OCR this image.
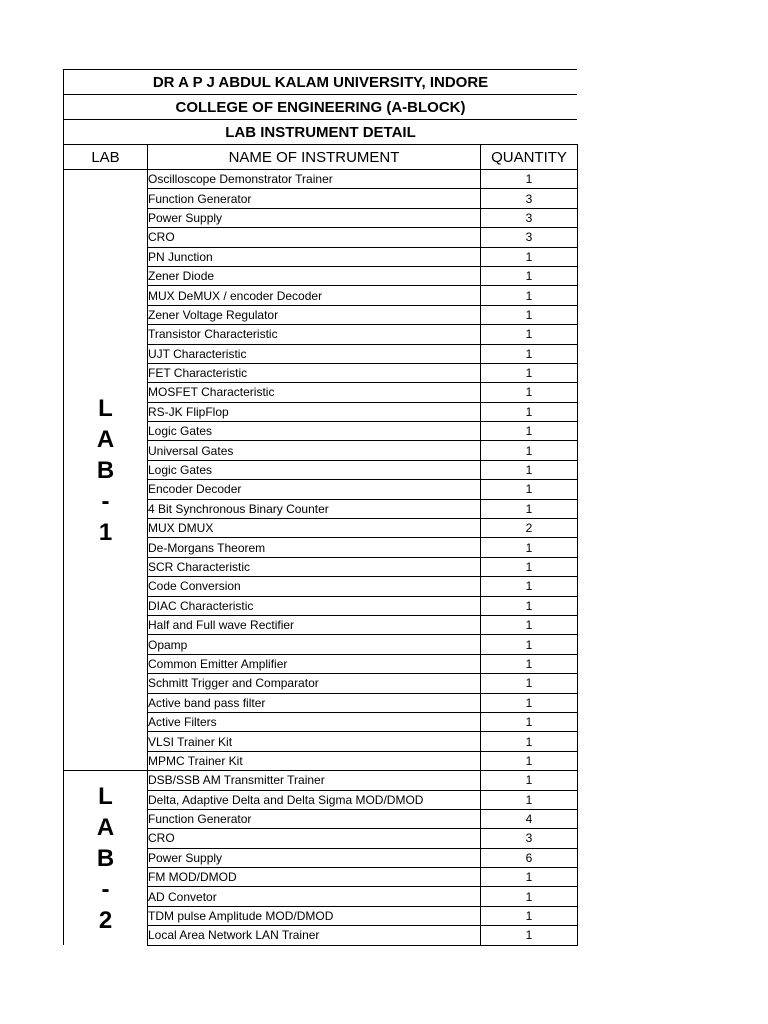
DR A P J ABDUL KALAM UNIVERSITY, INDORE
COLLEGE OF ENGINEERING (A-BLOCK)
LAB INSTRUMENT DETAIL
LAB	NAME OF INSTRUMENT	QUANTITY

L
A
B
-
1	Oscilloscope Demonstrator Trainer	1
	Function Generator	3
	Power Supply	3
	CRO	3
	PN Junction	1
	Zener Diode	1
	MUX DeMUX / encoder Decoder	1
	Zener Voltage Regulator	1
	Transistor Characteristic	1
	UJT Characteristic	1
	FET Characteristic	1
	MOSFET Characteristic	1
	RS-JK FlipFlop	1
	Logic Gates	1
	Universal Gates	1
	Logic Gates	1
	Encoder Decoder	1
	4 Bit Synchronous Binary Counter	1
	MUX DMUX	2
	De-Morgans Theorem	1
	SCR Characteristic	1
	Code Conversion	1
	DIAC Characteristic	1
	Half and Full wave Rectifier	1
	Opamp	1
	Common Emitter Amplifier	1
	Schmitt Trigger and Comparator	1
	Active band pass filter	1
	Active Filters	1
	VLSI Trainer Kit	1
	MPMC Trainer Kit	1

L
A
B
-
2	DSB/SSB AM Transmitter Trainer	1
	Delta, Adaptive Delta and Delta Sigma MOD/DMOD	1
	Function Generator	4
	CRO	3
	Power Supply	6
	FM MOD/DMOD	1
	AD Convetor	1
	TDM pulse Amplitude MOD/DMOD	1
	Local Area Network LAN Trainer	1
